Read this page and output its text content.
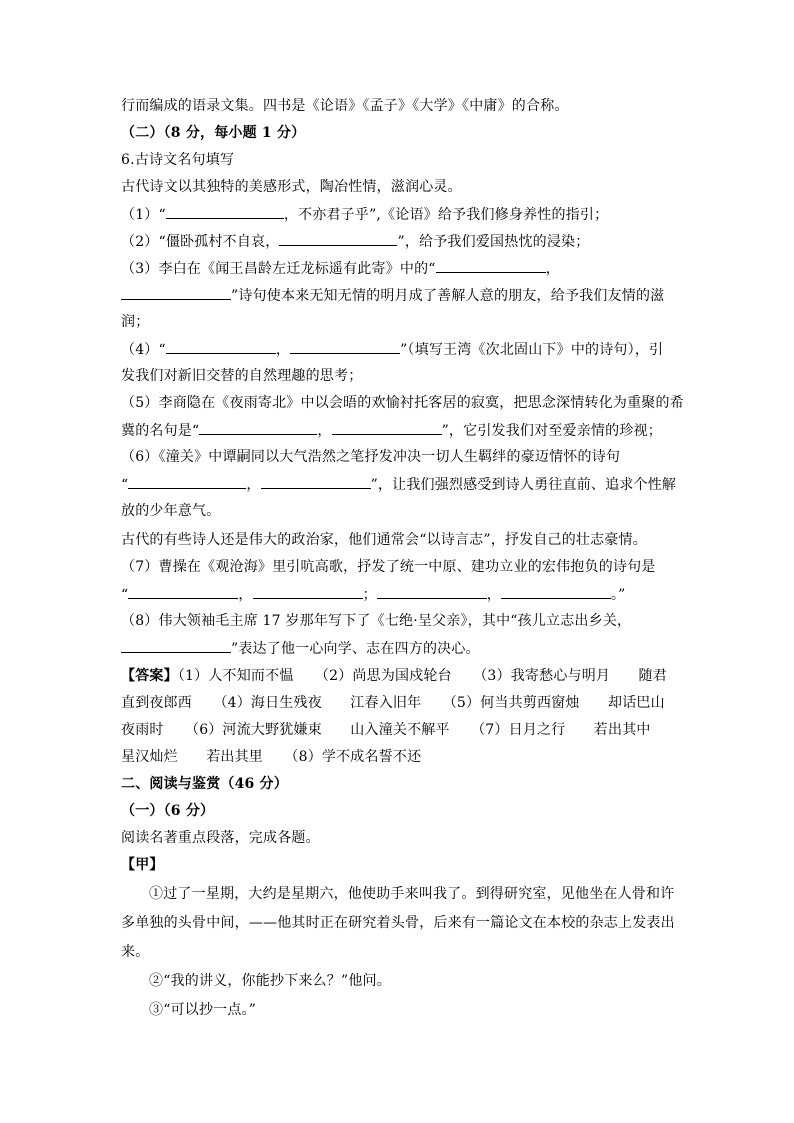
行而编成的语录文集。四书是《论语》《孟子》《大学》《中庸》的合称。
（二）（8 分，每小题 1 分）
6.古诗文名句填写
古代诗文以其独特的美感形式，陶冶性情，滋润心灵。
（1）“	，不亦君子乎”,《论语》给予我们修身养性的指引；
（2）“僵卧孤村不自哀，	”，给予我们爱国热忱的浸染；
（3）李白在《闻王昌龄左迁龙标遥有此寄》中的“	，
”诗句使本来无知无情的明月成了善解人意的朋友，给予我们友情的滋
润；
（4）“	，	”（填写王湾《次北固山下》中的诗句），引
发我们对新旧交替的自然理趣的思考；
（5）李商隐在《夜雨寄北》中以会晤的欢愉衬托客居的寂寞，把思念深情转化为重聚的希
冀的名句是“	，	”，它引发我们对至爱亲情的珍视；
（6）《潼关》中谭嗣同以大气浩然之笔抒发冲决一切人生羁绊的豪迈情怀的诗句
“	，	”，让我们强烈感受到诗人勇往直前、追求个性解
放的少年意气。
古代的有些诗人还是伟大的政治家，他们通常会“以诗言志”，抒发自己的壮志豪情。
（7）曹操在《观沧海》里引吭高歌，抒发了统一中原、建功立业的宏伟抱负的诗句是
“	，	；	，	。”
（8）伟大领袖毛主席 17 岁那年写下了《七绝·呈父亲》，其中“孩儿立志出乡关，
”表达了他一心向学、志在四方的决心。
【答案】（1）人不知而不愠　　（2）尚思为国戍轮台　　（3）我寄愁心与明月　　随君
直到夜郎西　　（4）海日生残夜　　江春入旧年　　（5）何当共剪西窗烛　　却话巴山
夜雨时　　（6）河流大野犹嫌束　　山入潼关不解平　　（7）日月之行　　若出其中
星汉灿烂　　若出其里　　（8）学不成名誓不还
二、阅读与鉴赏（46 分）
（一）（6 分）
阅读名著重点段落，完成各题。
【甲】
①过了一星期，大约是星期六，他使助手来叫我了。到得研究室，见他坐在人骨和许
多单独的头骨中间，——他其时正在研究着头骨，后来有一篇论文在本校的杂志上发表出
来。
②“我的讲义，你能抄下来么？”他问。
③“可以抄一点。”
